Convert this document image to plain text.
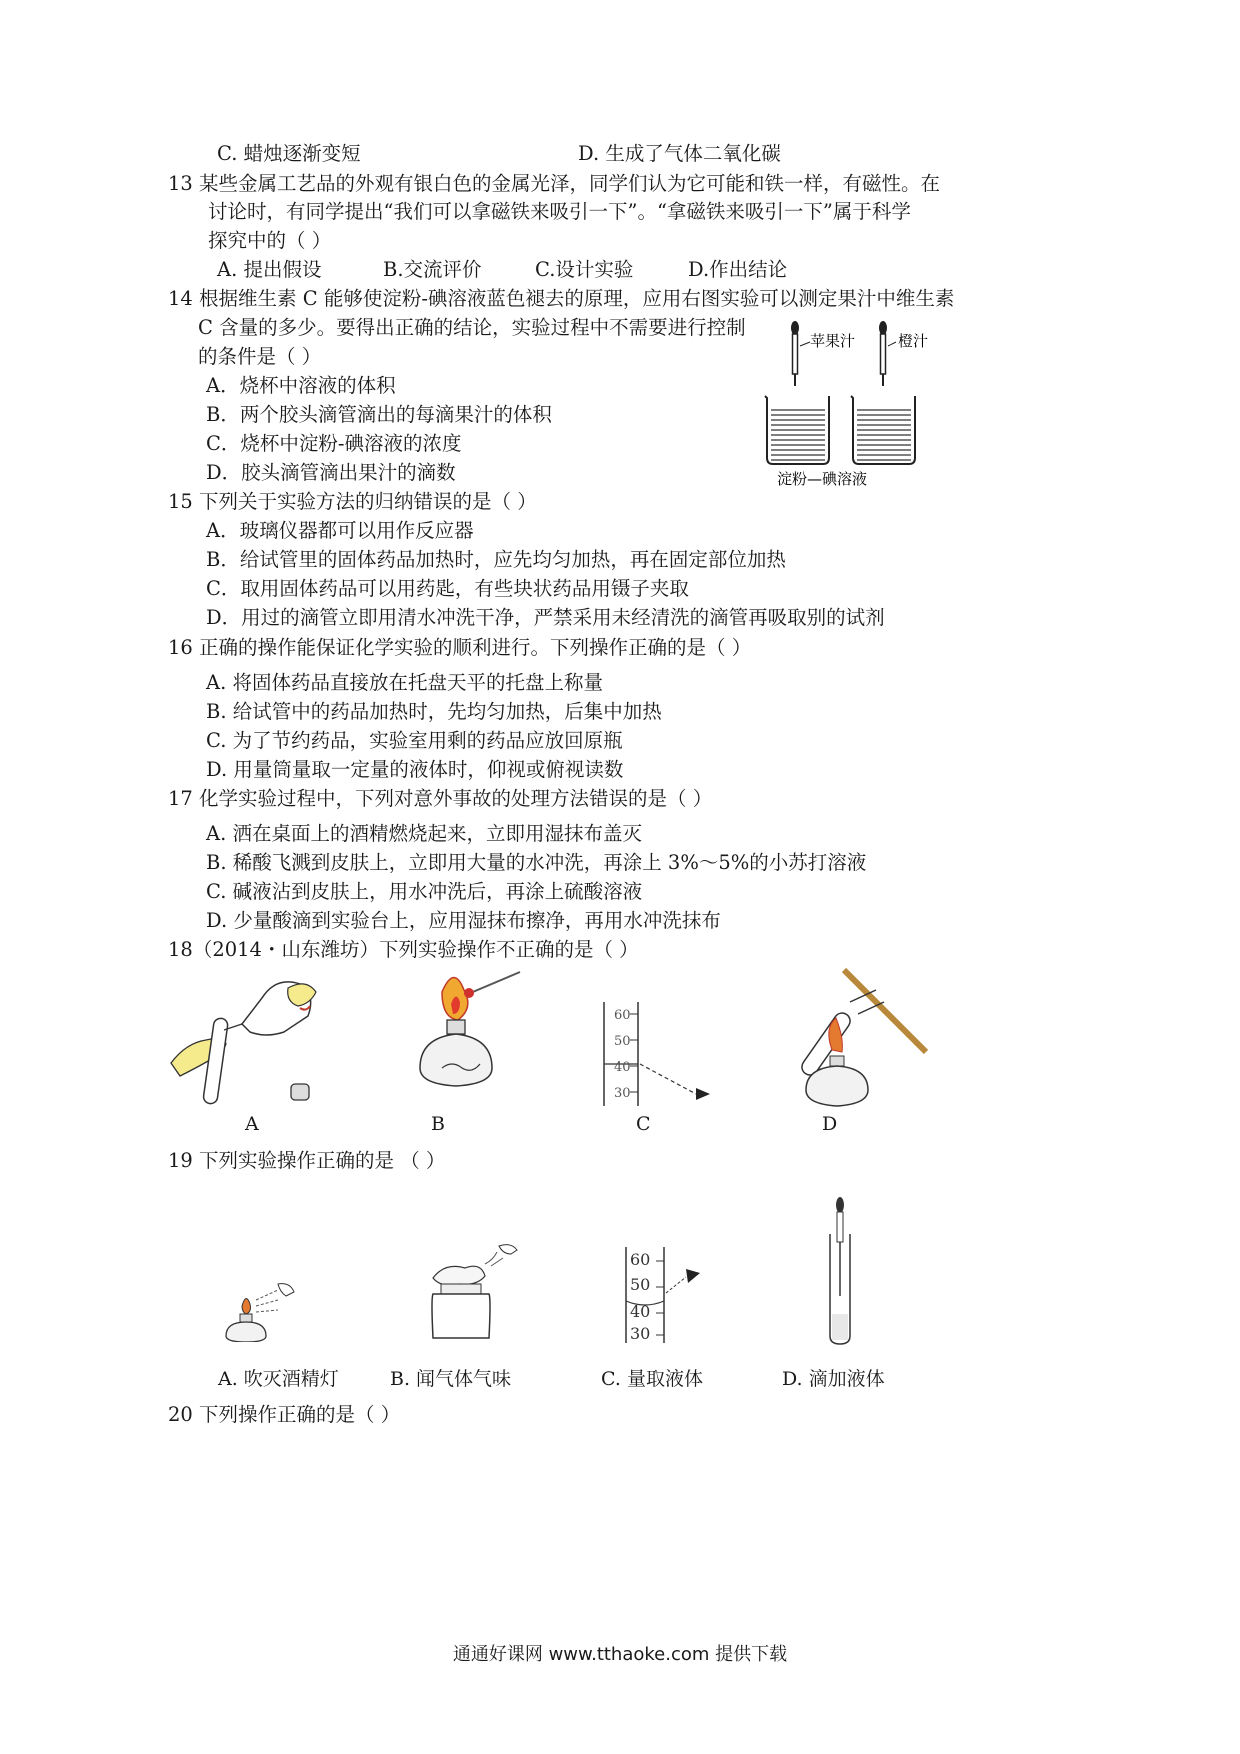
C. 蜡烛逐渐变短	D. 生成了气体二氧化碳
13 某些金属工艺品的外观有银白色的金属光泽，同学们认为它可能和铁一样，有磁性。在
讨论时，有同学提出“我们可以拿磁铁来吸引一下”。“拿磁铁来吸引一下”属于科学
探究中的（ ）
A. 提出假设	B.交流评价	C.设计实验	D.作出结论
14 根据维生素 C 能够使淀粉-碘溶液蓝色褪去的原理，应用右图实验可以测定果汁中维生素
C 含量的多少。要得出正确的结论，实验过程中不需要进行控制
的条件是（ ）
A．烧杯中溶液的体积
B．两个胶头滴管滴出的每滴果汁的体积
C．烧杯中淀粉-碘溶液的浓度
D．胶头滴管滴出果汁的滴数
苹果汁	橙汁
淀粉—碘溶液
15 下列关于实验方法的归纳错误的是（ ）
A．玻璃仪器都可以用作反应器
B．给试管里的固体药品加热时，应先均匀加热，再在固定部位加热
C．取用固体药品可以用药匙，有些块状药品用镊子夹取
D．用过的滴管立即用清水冲洗干净，严禁采用未经清洗的滴管再吸取别的试剂
16 正确的操作能保证化学实验的顺利进行。下列操作正确的是（ ）
A. 将固体药品直接放在托盘天平的托盘上称量
B. 给试管中的药品加热时，先均匀加热，后集中加热
C. 为了节约药品，实验室用剩的药品应放回原瓶
D. 用量筒量取一定量的液体时，仰视或俯视读数
17 化学实验过程中，下列对意外事故的处理方法错误的是（ ）
A. 洒在桌面上的酒精燃烧起来，立即用湿抹布盖灭
B. 稀酸飞溅到皮肤上，立即用大量的水冲洗，再涂上 3%～5%的小苏打溶液
C. 碱液沾到皮肤上，用水冲洗后，再涂上硫酸溶液
D. 少量酸滴到实验台上，应用湿抹布擦净，再用水冲洗抹布
18（2014・山东潍坊）下列实验操作不正确的是（ ）
60
50
40
30
A	B	C	D
19 下列实验操作正确的是 （ ）
60
50
40
30
A. 吹灭酒精灯	B. 闻气体气味	C. 量取液体	D. 滴加液体
20 下列操作正确的是（ ）
通通好课网 www.tthaoke.com 提供下载
